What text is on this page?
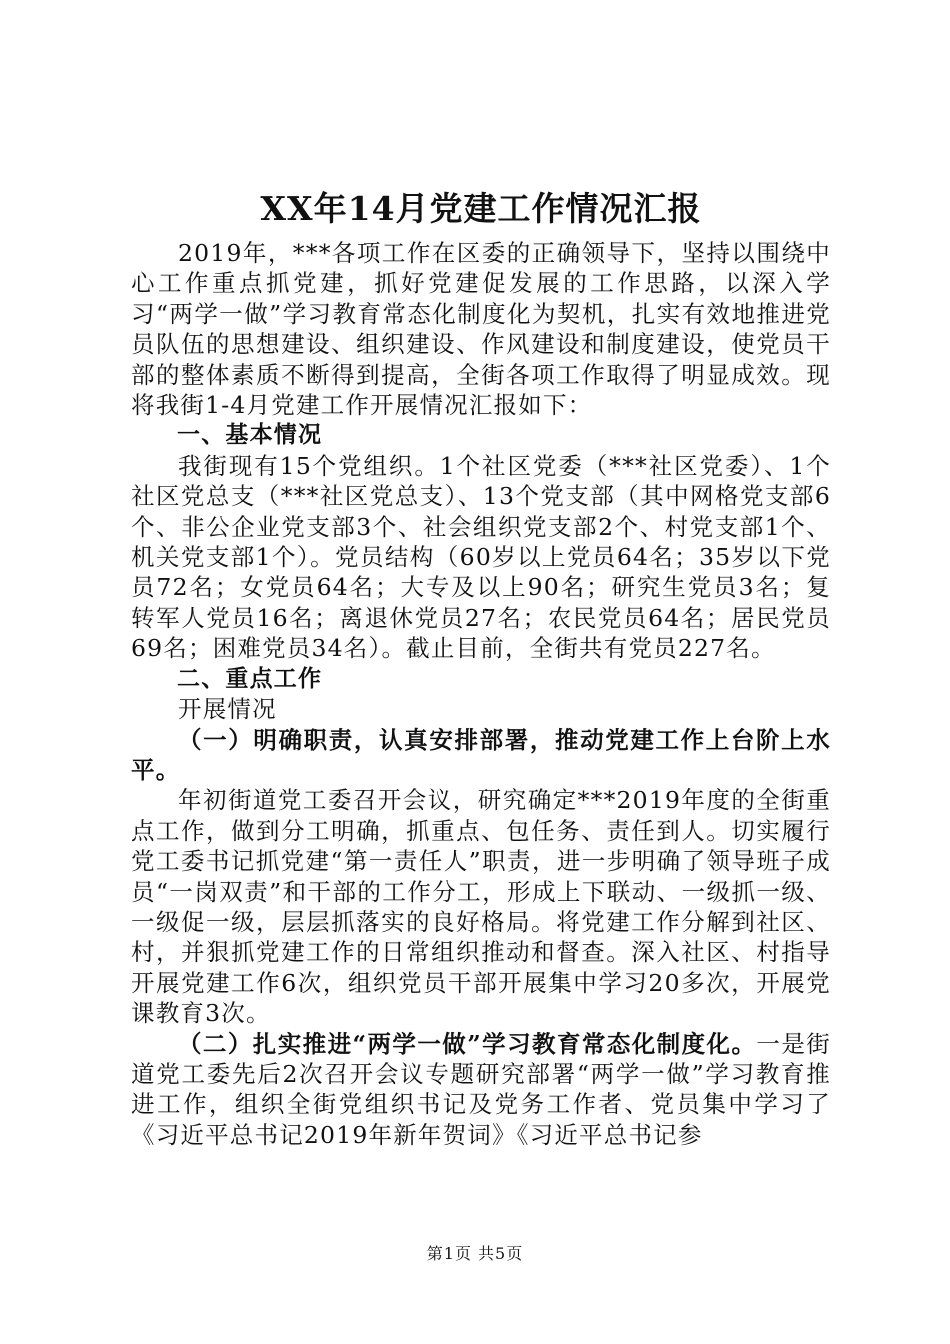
XX年14月党建工作情况汇报

2019年，***各项工作在区委的正确领导下，坚持以围绕中心工作重点抓党建，抓好党建促发展的工作思路，以深入学习“两学一做”学习教育常态化制度化为契机，扎实有效地推进党员队伍的思想建设、组织建设、作风建设和制度建设，使党员干部的整体素质不断得到提高，全街各项工作取得了明显成效。现将我街1-4月党建工作开展情况汇报如下：

一、基本情况

我街现有15个党组织。1个社区党委（***社区党委）、1个社区党总支（***社区党总支）、13个党支部（其中网格党支部6个、非公企业党支部3个、社会组织党支部2个、村党支部1个、机关党支部1个）。党员结构（60岁以上党员64名；35岁以下党员72名；女党员64名；大专及以上90名；研究生党员3名；复转军人党员16名；离退休党员27名；农民党员64名；居民党员69名；困难党员34名）。截止目前，全街共有党员227名。

二、重点工作

开展情况

（一）明确职责，认真安排部署，推动党建工作上台阶上水平。

年初街道党工委召开会议，研究确定***2019年度的全街重点工作，做到分工明确，抓重点、包任务、责任到人。切实履行党工委书记抓党建“第一责任人”职责，进一步明确了领导班子成员“一岗双责”和干部的工作分工，形成上下联动、一级抓一级、一级促一级，层层抓落实的良好格局。将党建工作分解到社区、村，并狠抓党建工作的日常组织推动和督查。深入社区、村指导开展党建工作6次，组织党员干部开展集中学习20多次，开展党课教育3次。

（二）扎实推进“两学一做”学习教育常态化制度化。一是街道党工委先后2次召开会议专题研究部署“两学一做”学习教育推进工作，组织全街党组织书记及党务工作者、党员集中学习了《习近平总书记2019年新年贺词》《习近平总书记参

第1页 共5页
